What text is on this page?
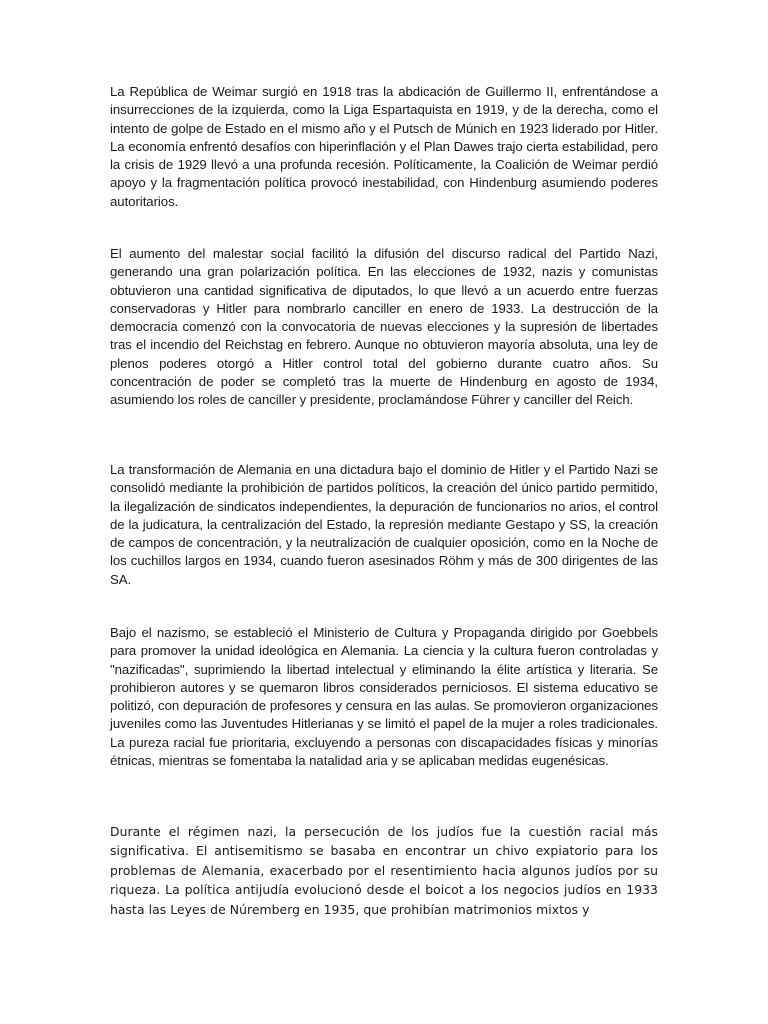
La República de Weimar surgió en 1918 tras la abdicación de Guillermo II, enfrentándose a insurrecciones de la izquierda, como la Liga Espartaquista en 1919, y de la derecha, como el intento de golpe de Estado en el mismo año y el Putsch de Múnich en 1923 liderado por Hitler. La economía enfrentó desafíos con hiperinflación y el Plan Dawes trajo cierta estabilidad, pero la crisis de 1929 llevó a una profunda recesión. Políticamente, la Coalición de Weimar perdió apoyo y la fragmentación política provocó inestabilidad, con Hindenburg asumiendo poderes autoritarios.

El aumento del malestar social facilitó la difusión del discurso radical del Partido Nazi, generando una gran polarización política. En las elecciones de 1932, nazis y comunistas obtuvieron una cantidad significativa de diputados, lo que llevó a un acuerdo entre fuerzas conservadoras y Hitler para nombrarlo canciller en enero de 1933. La destrucción de la democracia comenzó con la convocatoria de nuevas elecciones y la supresión de libertades tras el incendio del Reichstag en febrero. Aunque no obtuvieron mayoría absoluta, una ley de plenos poderes otorgó a Hitler control total del gobierno durante cuatro años. Su concentración de poder se completó tras la muerte de Hindenburg en agosto de 1934, asumiendo los roles de canciller y presidente, proclamándose Führer y canciller del Reich.

La transformación de Alemania en una dictadura bajo el dominio de Hitler y el Partido Nazi se consolidó mediante la prohibición de partidos políticos, la creación del único partido permitido, la ilegalización de sindicatos independientes, la depuración de funcionarios no arios, el control de la judicatura, la centralización del Estado, la represión mediante Gestapo y SS, la creación de campos de concentración, y la neutralización de cualquier oposición, como en la Noche de los cuchillos largos en 1934, cuando fueron asesinados Röhm y más de 300 dirigentes de las SA.

Bajo el nazismo, se estableció el Ministerio de Cultura y Propaganda dirigido por Goebbels para promover la unidad ideológica en Alemania. La ciencia y la cultura fueron controladas y "nazificadas", suprimiendo la libertad intelectual y eliminando la élite artística y literaria. Se prohibieron autores y se quemaron libros considerados perniciosos. El sistema educativo se politizó, con depuración de profesores y censura en las aulas. Se promovieron organizaciones juveniles como las Juventudes Hitlerianas y se limitó el papel de la mujer a roles tradicionales. La pureza racial fue prioritaria, excluyendo a personas con discapacidades físicas y minorías étnicas, mientras se fomentaba la natalidad aria y se aplicaban medidas eugenésicas.

Durante el régimen nazi, la persecución de los judíos fue la cuestión racial más significativa. El antisemitismo se basaba en encontrar un chivo expiatorio para los problemas de Alemania, exacerbado por el resentimiento hacia algunos judíos por su riqueza. La política antijudía evolucionó desde el boicot a los negocios judíos en 1933 hasta las Leyes de Núremberg en 1935, que prohibían matrimonios mixtos y
